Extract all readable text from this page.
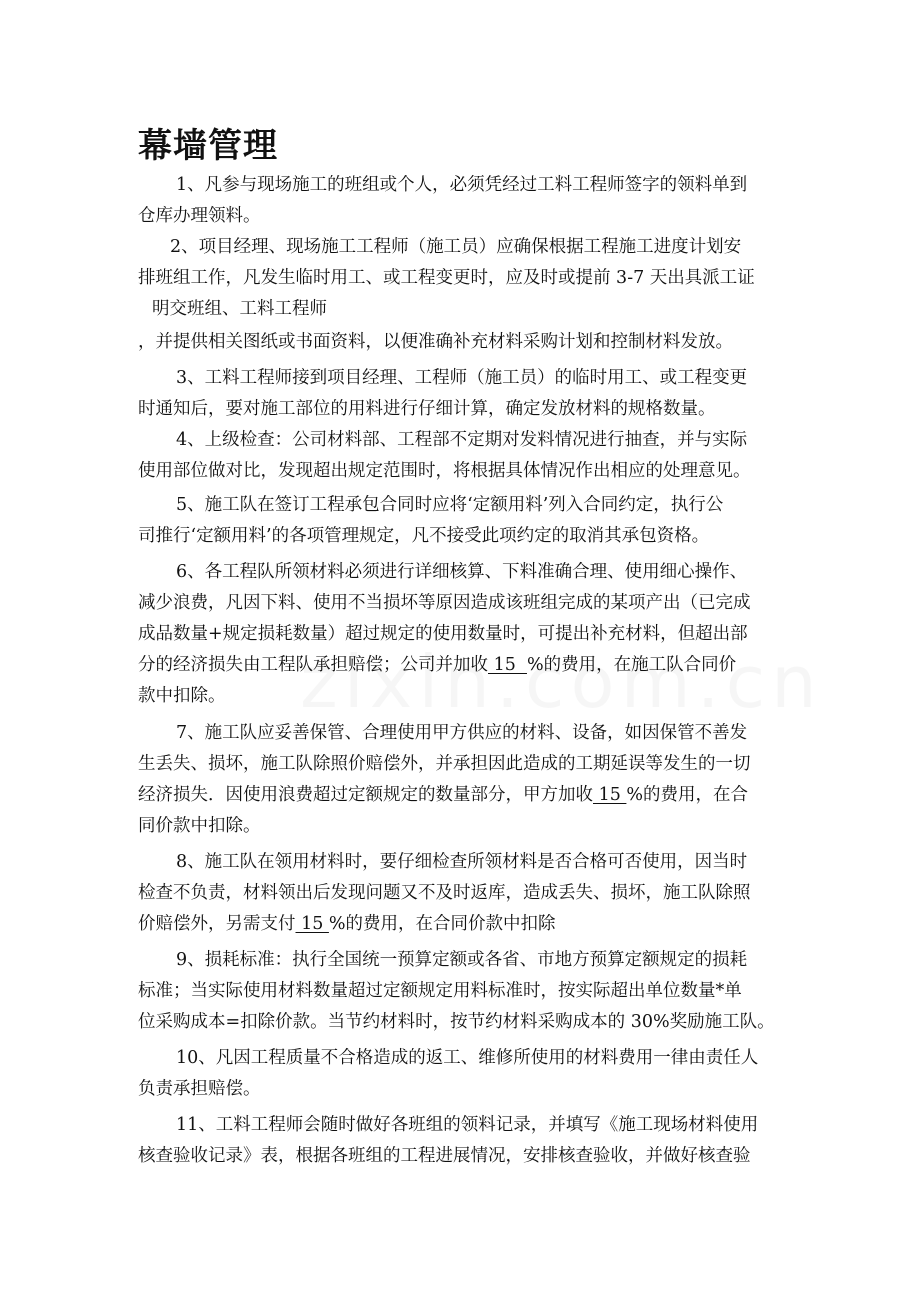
幕墙管理
1、凡参与现场施工的班组或个人，必须凭经过工料工程师签字的领料单到
仓库办理领料。
2、项目经理、现场施工工程师（施工员）应确保根据工程施工进度计划安
排班组工作，凡发生临时用工、或工程变更时，应及时或提前 3-7 天出具派工证
明交班组、工料工程师
，并提供相关图纸或书面资料，以便准确补充材料采购计划和控制材料发放。
3、工料工程师接到项目经理、工程师（施工员）的临时用工、或工程变更
时通知后，要对施工部位的用料进行仔细计算，确定发放材料的规格数量。
4、上级检查：公司材料部、工程部不定期对发料情况进行抽查，并与实际
使用部位做对比，发现超出规定范围时，将根据具体情况作出相应的处理意见。
5、施工队在签订工程承包合同时应将‘定额用料’列入合同约定，执行公
司推行‘定额用料’的各项管理规定，凡不接受此项约定的取消其承包资格。
6、各工程队所领材料必须进行详细核算、下料准确合理、使用细心操作、
减少浪费，凡因下料、使用不当损坏等原因造成该班组完成的某项产出（已完成
成品数量+规定损耗数量）超过规定的使用数量时，可提出补充材料，但超出部
分的经济损失由工程队承担赔偿；公司并加收 15  %的费用，在施工队合同价
款中扣除。
7、施工队应妥善保管、合理使用甲方供应的材料、设备，如因保管不善发
生丢失、损坏，施工队除照价赔偿外，并承担因此造成的工期延误等发生的一切
经济损失．因使用浪费超过定额规定的数量部分，甲方加收 15 %的费用，在合
同价款中扣除。
8、施工队在领用材料时，要仔细检查所领材料是否合格可否使用，因当时
检查不负责，材料领出后发现问题又不及时返库，造成丢失、损坏，施工队除照
价赔偿外，另需支付 15 %的费用，在合同价款中扣除
9、损耗标准：执行全国统一预算定额或各省、市地方预算定额规定的损耗
标准；当实际使用材料数量超过定额规定用料标准时，按实际超出单位数量*单
位采购成本=扣除价款。当节约材料时，按节约材料采购成本的 30%奖励施工队。
10、凡因工程质量不合格造成的返工、维修所使用的材料费用一律由责任人
负责承担赔偿。
11、工料工程师会随时做好各班组的领料记录，并填写《施工现场材料使用
核查验收记录》表，根据各班组的工程进展情况，安排核查验收，并做好核查验
